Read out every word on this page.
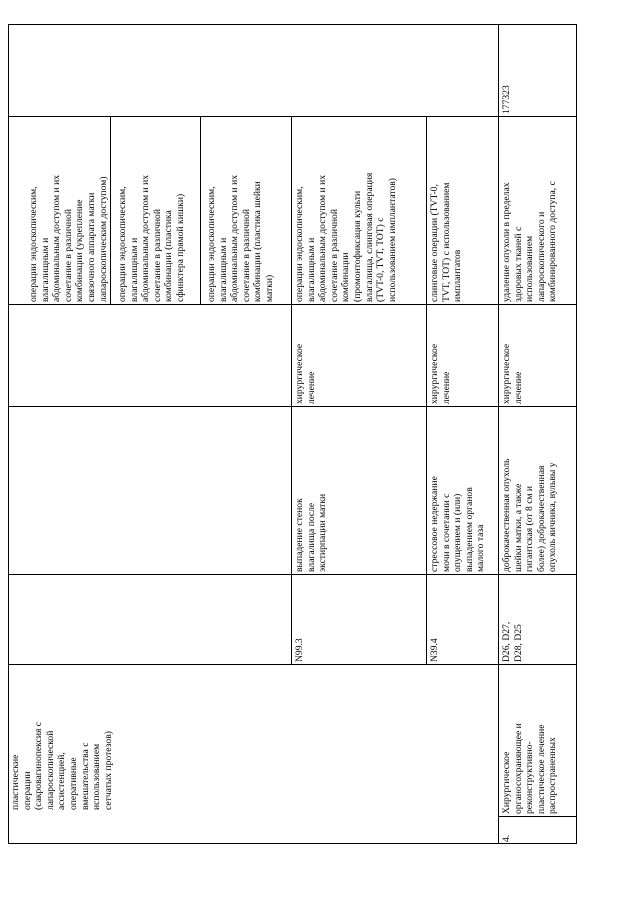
пластические
операции
(сакровагинопексия с
лапароскопической
ассистенцией,
оперативные
вмешательства с
использованием
сетчатых протезов)
операции эндоскопическим,
влагалищным и
абдоминальным доступом и их
сочетание в различной
комбинации (укрепление
связочного аппарата матки
лапароскопическим доступом)
операции эндоскопическим,
влагалищным и
абдоминальным доступом и их
сочетание в различной
комбинации (пластика
сфинктера прямой кишки)
операции эндоскопическим,
влагалищным и
абдоминальным доступом и их
сочетание в различной
комбинации (пластика шейки
матки)
N99.3
выпадение стенок
влагалища после
экстирпации матки
хирургическое
лечение
операции эндоскопическим,
влагалищным и
абдоминальным доступом и их
сочетание в различной
комбинации
(промонтофиксация культи
влагалища, слинговая операция
(TVT-0, TVT, TOT) с
использованием имплантатов)
N39.4
стрессовое недержание
мочи в сочетании с
опущением и (или)
выпадением органов
малого таза
хирургическое
лечение
слинговые операции (TVT-0,
TVT, TOT) с использованием
имплантатов
4.
Хирургическое
органосохраняющее и
реконструктивно-
пластическое лечение
распространенных
D26, D27,
D28, D25
доброкачественная опухоль
шейки матки, а также
гигантская (от 8 см и
более) доброкачественная
опухоль яичника, вульвы у
хирургическое
лечение
удаление опухоли в пределах
здоровых тканей с
использованием
лапароскопического и
комбинированного доступа, с
177323
